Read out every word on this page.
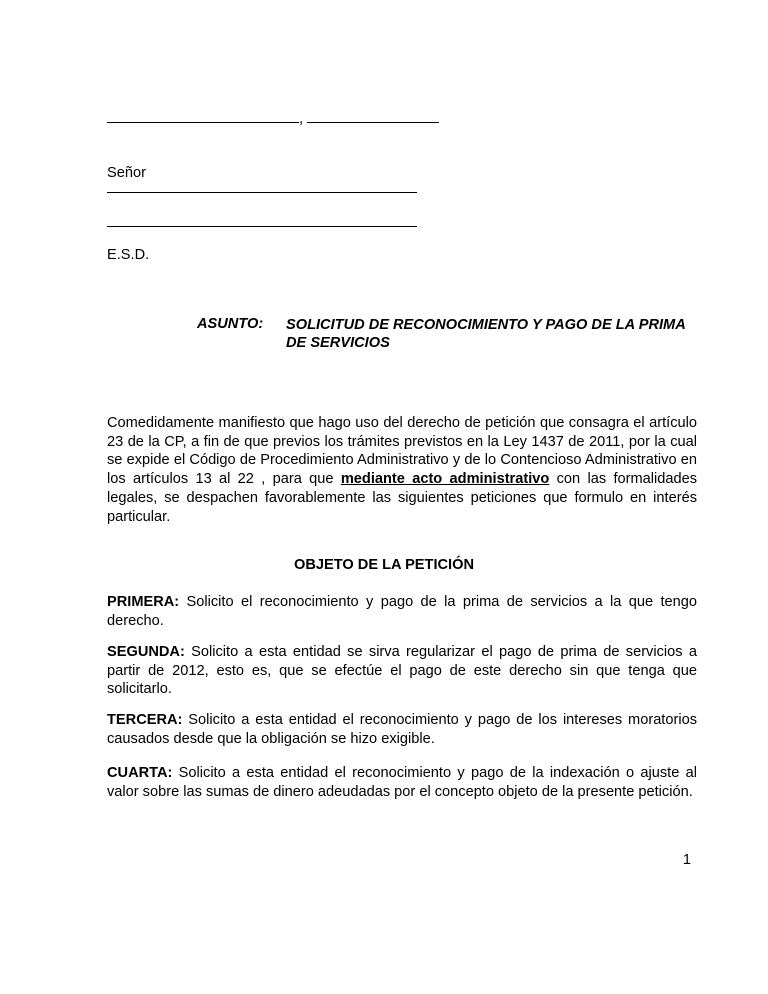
,
Señor
E.S.D.
ASUNTO: SOLICITUD DE RECONOCIMIENTO Y PAGO DE LA PRIMA DE SERVICIOS
Comedidamente manifiesto que hago uso del derecho de petición que consagra el artículo 23 de la CP, a fin de que previos los trámites previstos en la Ley 1437 de 2011, por la cual se expide el Código de Procedimiento Administrativo y de lo Contencioso Administrativo en los artículos 13 al 22 , para que mediante acto administrativo con las formalidades legales, se despachen favorablemente las siguientes peticiones que formulo en interés particular.
OBJETO DE LA PETICIÓN
PRIMERA: Solicito el reconocimiento y pago de la prima de servicios a la que tengo derecho.
SEGUNDA: Solicito a esta entidad se sirva regularizar el pago de prima de servicios a partir de 2012, esto es, que se efectúe el pago de este derecho sin que tenga que solicitarlo.
TERCERA: Solicito a esta entidad el reconocimiento y pago de los intereses moratorios causados desde que la obligación se hizo exigible.
CUARTA: Solicito a esta entidad el reconocimiento y pago de la indexación o ajuste al valor sobre las sumas de dinero adeudadas por el concepto objeto de la presente petición.
1
